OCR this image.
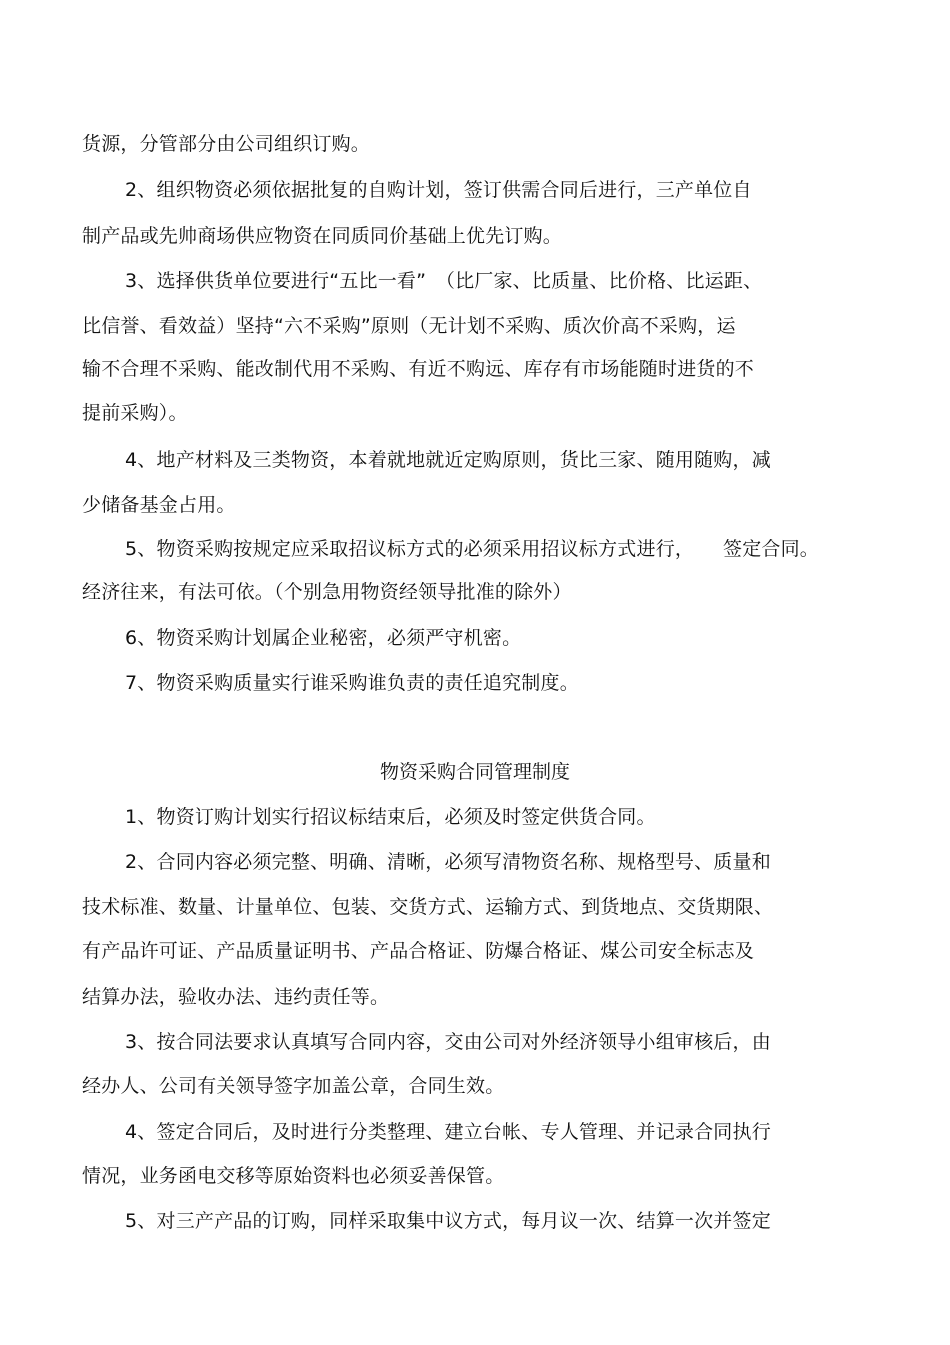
货源，分管部分由公司组织订购。
2、组织物资必须依据批复的自购计划，签订供需合同后进行，三产单位自
制产品或先帅商场供应物资在同质同价基础上优先订购。
3、选择供货单位要进行“五比一看”　（比厂家、比质量、比价格、比运距、
比信誉、看效益）坚持“六不采购”原则（无计划不采购、质次价高不采购，运
输不合理不采购、能改制代用不采购、有近不购远、库存有市场能随时进货的不
提前采购）。
4、地产材料及三类物资，本着就地就近定购原则，货比三家、随用随购，减
少储备基金占用。
5、物资采购按规定应采取招议标方式的必须采用招议标方式进行，　　签定合同。
经济往来，有法可依。（个别急用物资经领导批准的除外）
6、物资采购计划属企业秘密，必须严守机密。
7、物资采购质量实行谁采购谁负责的责任追究制度。
物资采购合同管理制度
1、物资订购计划实行招议标结束后，必须及时签定供货合同。
2、合同内容必须完整、明确、清晰，必须写清物资名称、规格型号、质量和
技术标准、数量、计量单位、包装、交货方式、运输方式、到货地点、交货期限、
有产品许可证、产品质量证明书、产品合格证、防爆合格证、煤公司安全标志及
结算办法，验收办法、违约责任等。
3、按合同法要求认真填写合同内容，交由公司对外经济领导小组审核后，由
经办人、公司有关领导签字加盖公章，合同生效。
4、签定合同后，及时进行分类整理、建立台帐、专人管理、并记录合同执行
情况，业务函电交移等原始资料也必须妥善保管。
5、对三产产品的订购，同样采取集中议方式，每月议一次、结算一次并签定
